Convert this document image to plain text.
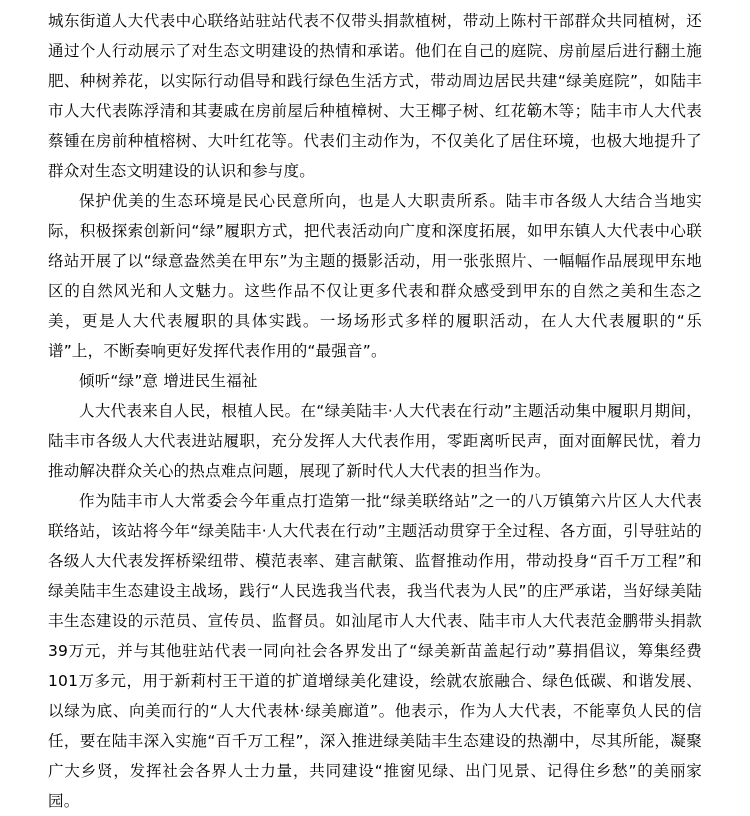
城东街道人大代表中心联络站驻站代表不仅带头捐款植树，带动上陈村干部群众共同植树，还通过个人行动展示了对生态文明建设的热情和承诺。他们在自己的庭院、房前屋后进行翻土施肥、种树养花，以实际行动倡导和践行绿色生活方式，带动周边居民共建“绿美庭院”，如陆丰市人大代表陈浮清和其妻戚在房前屋后种植樟树、大王椰子树、红花簕木等；陆丰市人大代表蔡锺在房前种植榕树、大叶红花等。代表们主动作为，不仅美化了居住环境，也极大地提升了群众对生态文明建设的认识和参与度。

保护优美的生态环境是民心民意所向，也是人大职责所系。陆丰市各级人大结合当地实际，积极探索创新问“绿”履职方式，把代表活动向广度和深度拓展，如甲东镇人大代表中心联络站开展了以“绿意盎然美在甲东”为主题的摄影活动，用一张张照片、一幅幅作品展现甲东地区的自然风光和人文魅力。这些作品不仅让更多代表和群众感受到甲东的自然之美和生态之美，更是人大代表履职的具体实践。一场场形式多样的履职活动，在人大代表履职的“乐谱”上，不断奏响更好发挥代表作用的“最强音”。

倾听“绿”意 增进民生福祉

人大代表来自人民，根植人民。在“绿美陆丰·人大代表在行动”主题活动集中履职月期间，陆丰市各级人大代表进站履职，充分发挥人大代表作用，零距离听民声，面对面解民忧，着力推动解决群众关心的热点难点问题，展现了新时代人大代表的担当作为。

作为陆丰市人大常委会今年重点打造第一批“绿美联络站”之一的八万镇第六片区人大代表联络站，该站将今年“绿美陆丰·人大代表在行动”主题活动贯穿于全过程、各方面，引导驻站的各级人大代表发挥桥梁纽带、模范表率、建言献策、监督推动作用，带动投身“百千万工程”和绿美陆丰生态建设主战场，践行“人民选我当代表，我当代表为人民”的庄严承诺，当好绿美陆丰生态建设的示范员、宣传员、监督员。如汕尾市人大代表、陆丰市人大代表范金鹏带头捐款39万元，并与其他驻站代表一同向社会各界发出了“绿美新苗盖起行动”募捐倡议，筹集经费101万多元，用于新莉村王干道的扩道增绿美化建设，绘就农旅融合、绿色低碳、和谐发展、以绿为底、向美而行的“人大代表林·绿美廊道”。他表示，作为人大代表，不能辜负人民的信任，要在陆丰深入实施“百千万工程”，深入推进绿美陆丰生态建设的热潮中，尽其所能，凝聚广大乡贤，发挥社会各界人士力量，共同建设“推窗见绿、出门见景、记得住乡愁”的美丽家园。
